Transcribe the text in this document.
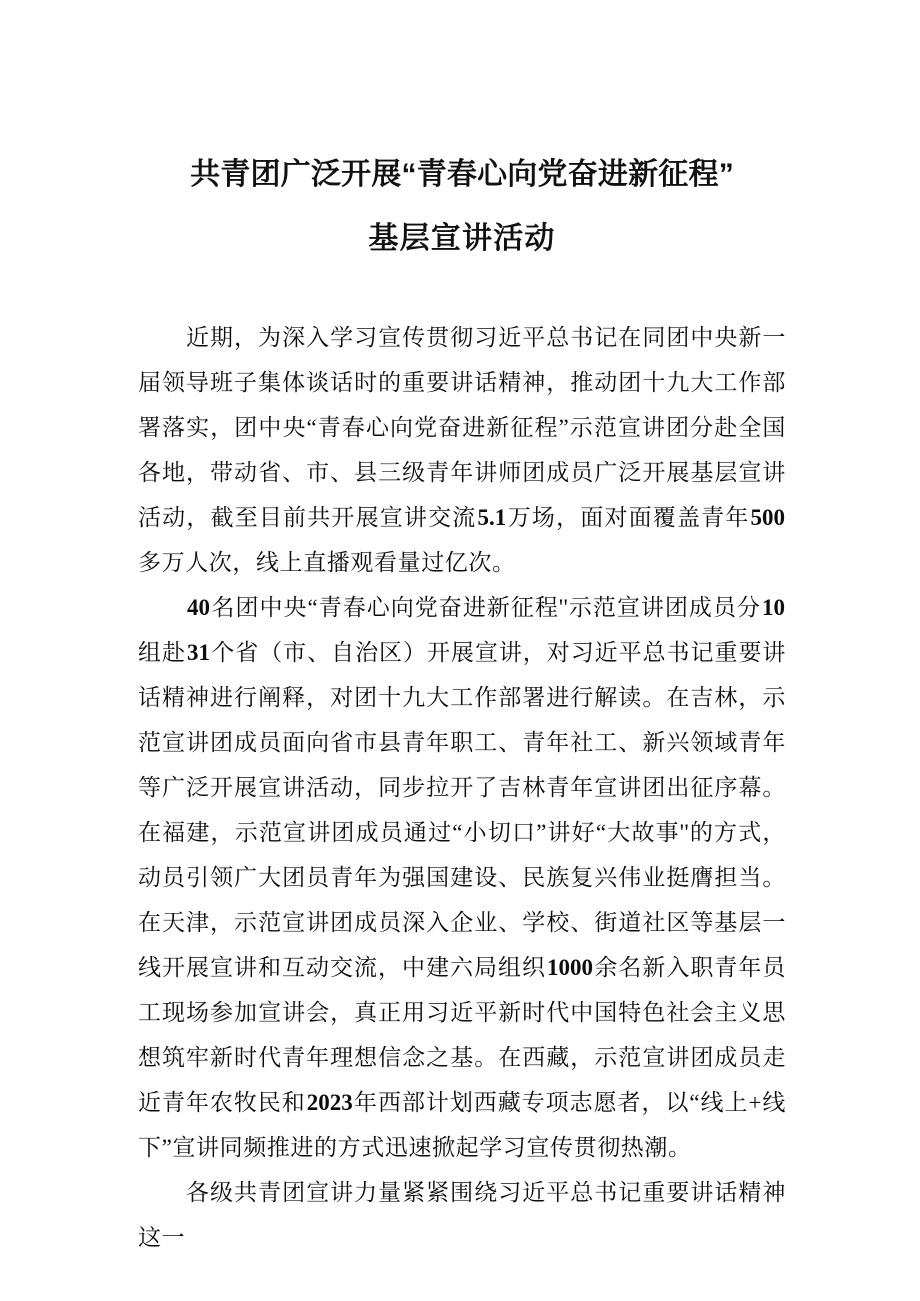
共青团广泛开展“青春心向党奋进新征程”
基层宣讲活动

近期，为深入学习宣传贯彻习近平总书记在同团中央新一届领导班子集体谈话时的重要讲话精神，推动团十九大工作部署落实，团中央“青春心向党奋进新征程”示范宣讲团分赴全国各地，带动省、市、县三级青年讲师团成员广泛开展基层宣讲活动，截至目前共开展宣讲交流5.1万场，面对面覆盖青年500多万人次，线上直播观看量过亿次。

40名团中央“青春心向党奋进新征程''示范宣讲团成员分10组赴31个省（市、自治区）开展宣讲，对习近平总书记重要讲话精神进行阐释，对团十九大工作部署进行解读。在吉林，示范宣讲团成员面向省市县青年职工、青年社工、新兴领域青年等广泛开展宣讲活动，同步拉开了吉林青年宣讲团出征序幕。在福建，示范宣讲团成员通过“小切口”讲好“大故事''的方式，动员引领广大团员青年为强国建设、民族复兴伟业挺膺担当。在天津，示范宣讲团成员深入企业、学校、街道社区等基层一线开展宣讲和互动交流，中建六局组织1000余名新入职青年员工现场参加宣讲会，真正用习近平新时代中国特色社会主义思想筑牢新时代青年理想信念之基。在西藏，示范宣讲团成员走近青年农牧民和2023年西部计划西藏专项志愿者，以“线上+线下”宣讲同频推进的方式迅速掀起学习宣传贯彻热潮。

各级共青团宣讲力量紧紧围绕习近平总书记重要讲话精神这一
